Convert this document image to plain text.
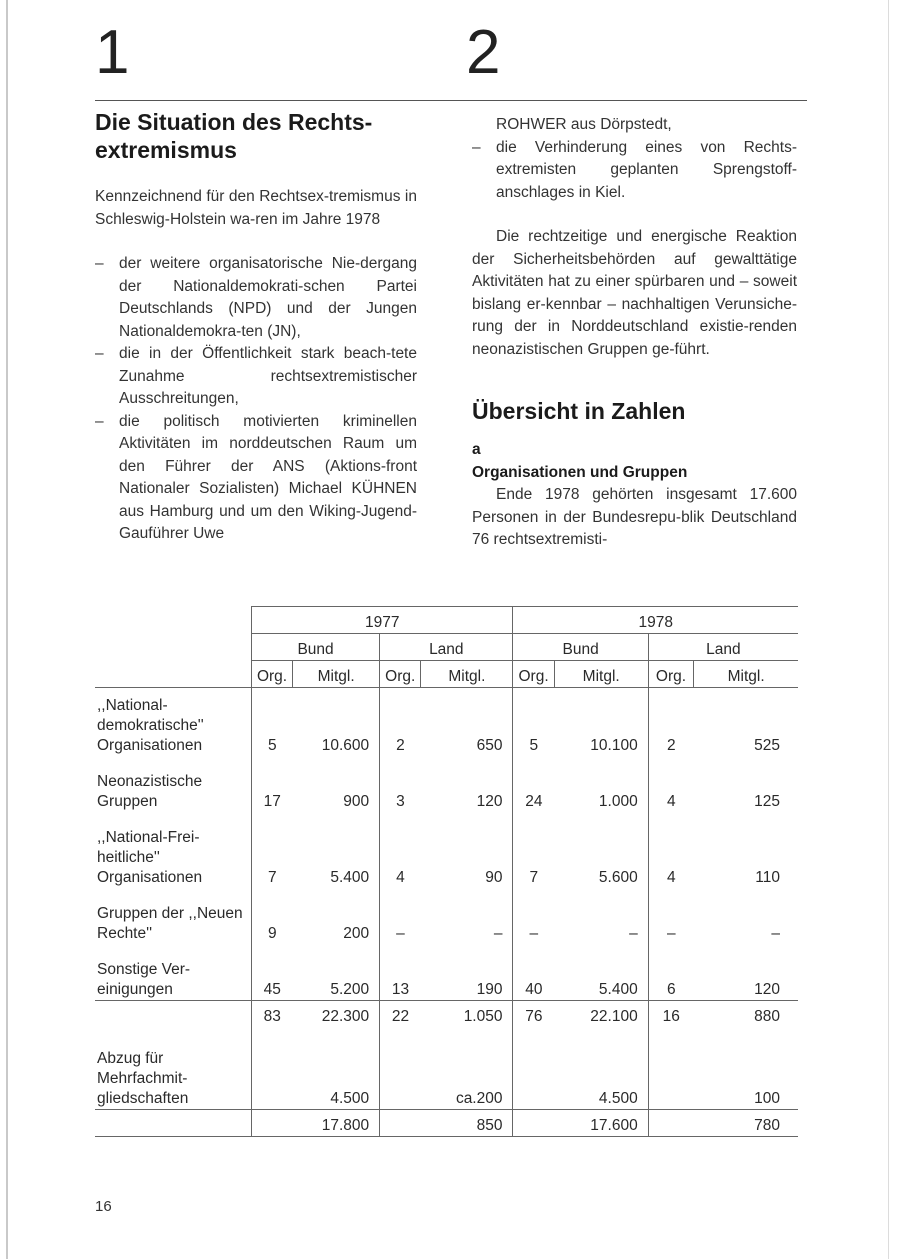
1	2
Die Situation des Rechts-extremismus

Kennzeichnend für den Rechtsex-tremismus in Schleswig-Holstein wa-ren im Jahre 1978

– der weitere organisatorische Nie-dergang der Nationaldemokrati-schen Partei Deutschlands (NPD) und der Jungen Nationaldemokra-ten (JN),
– die in der Öffentlichkeit stark beach-tete Zunahme rechtsextremistischer Ausschreitungen,
– die politisch motivierten kriminellen Aktivitäten im norddeutschen Raum um den Führer der ANS (Aktions-front Nationaler Sozialisten) Michael KÜHNEN aus Hamburg und um den Wiking-Jugend-Gauführer Uwe

ROHWER aus Dörpstedt,

– die Verhinderung eines von Rechts-extremisten geplanten Sprengstoff-anschlages in Kiel.

Die rechtzeitige und energische Reaktion der Sicherheitsbehörden auf gewalttätige Aktivitäten hat zu einer spürbaren und – soweit bislang er-kennbar – nachhaltigen Verunsiche-rung der in Norddeutschland existie-renden neonazistischen Gruppen ge-führt.

Übersicht in Zahlen
a
Organisationen und Gruppen

Ende 1978 gehörten insgesamt 17.600 Personen in der Bundesrepu-blik Deutschland 76 rechtsextremisti-

	1977				1978			
	Bund		Land		Bund		Land	
	Org.	Mitgl.	Org.	Mitgl.	Org.	Mitgl.	Org.	Mitgl.
,,National-demokratische'' Organisationen	5	10.600	2	650	5	10.100	2	525
Neonazistische Gruppen	17	900	3	120	24	1.000	4	125
,,National-Frei-heitliche'' Organisationen	7	5.400	4	90	7	5.600	4	110
Gruppen der ,,Neuen Rechte''	9	200	–	–	–	–	–	–
Sonstige Ver-einigungen	45	5.200	13	190	40	5.400	6	120
	83	22.300	22	1.050	76	22.100	16	880
Abzug für Mehrfachmit-gliedschaften		4.500		ca.200		4.500		100
		17.800		850		17.600		780
16
